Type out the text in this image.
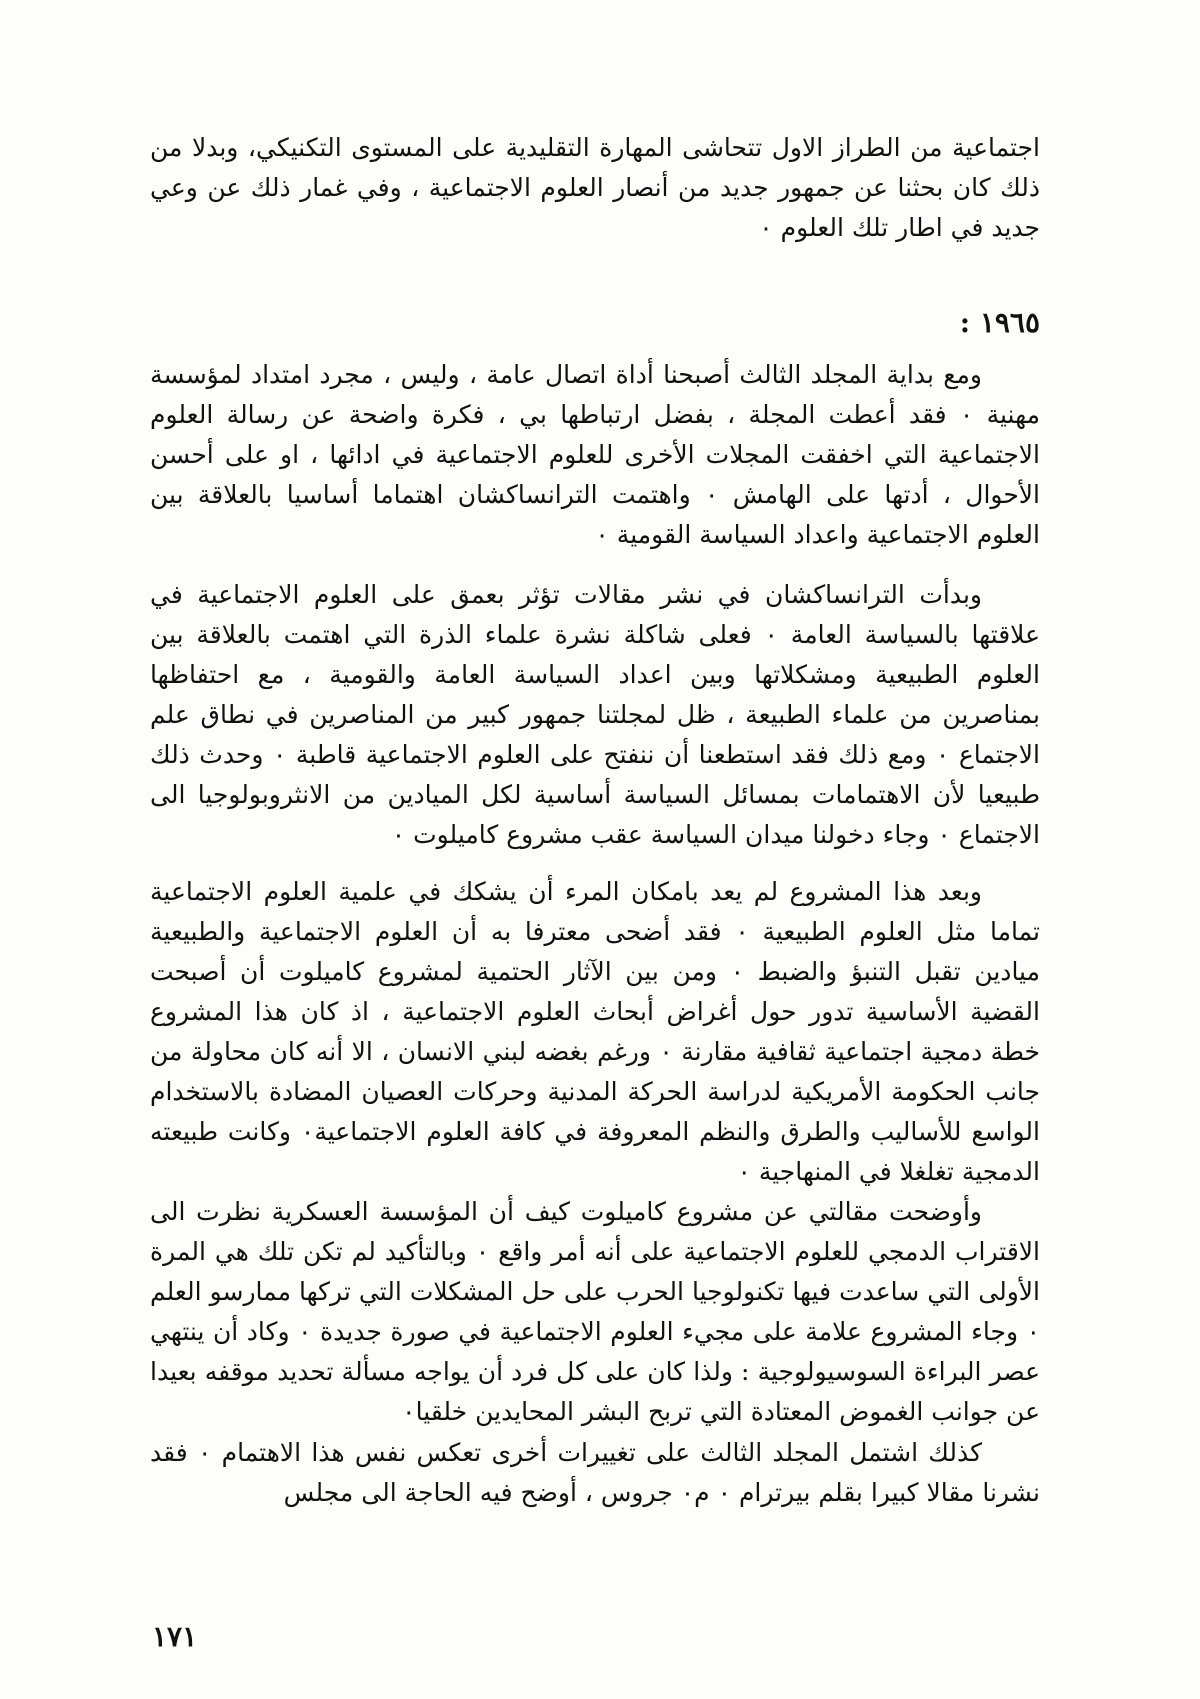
اجتماعية من الطراز الاول تتحاشى المهارة التقليدية على المستوى التكنيكي، وبدلا من ذلك كان بحثنا عن جمهور جديد من أنصار العلوم الاجتماعية ، وفي غمار ذلك عن وعي جديد في اطار تلك العلوم ٠

١٩٦٥ :

ومع بداية المجلد الثالث أصبحنا أداة اتصال عامة ، وليس ، مجرد امتداد لمؤسسة مهنية ٠ فقد أعطت المجلة ، بفضل ارتباطها بي ، فكرة واضحة عن رسالة العلوم الاجتماعية التي اخفقت المجلات الأخرى للعلوم الاجتماعية في ادائها ، او على أحسن الأحوال ، أدتها على الهامش ٠ واهتمت الترانساكشان اهتماما أساسيا بالعلاقة بين العلوم الاجتماعية واعداد السياسة القومية ٠

وبدأت الترانساكشان في نشر مقالات تؤثر بعمق على العلوم الاجتماعية في علاقتها بالسياسة العامة ٠ فعلى شاكلة نشرة علماء الذرة التي اهتمت بالعلاقة بين العلوم الطبيعية ومشكلاتها وبين اعداد السياسة العامة والقومية ، مع احتفاظها بمناصرين من علماء الطبيعة ، ظل لمجلتنا جمهور كبير من المناصرين في نطاق علم الاجتماع ٠ ومع ذلك فقد استطعنا أن ننفتح على العلوم الاجتماعية قاطبة ٠ وحدث ذلك طبيعيا لأن الاهتمامات بمسائل السياسة أساسية لكل الميادين من الانثروبولوجيا الى الاجتماع ٠ وجاء دخولنا ميدان السياسة عقب مشروع كاميلوت ٠

وبعد هذا المشروع لم يعد بامكان المرء أن يشكك في علمية العلوم الاجتماعية تماما مثل العلوم الطبيعية ٠ فقد أضحى معترفا به أن العلوم الاجتماعية والطبيعية ميادين تقبل التنبؤ والضبط ٠ ومن بين الآثار الحتمية لمشروع كاميلوت أن أصبحت القضية الأساسية تدور حول أغراض أبحاث العلوم الاجتماعية ، اذ كان هذا المشروع خطة دمجية اجتماعية ثقافية مقارنة ٠ ورغم بغضه لبني الانسان ، الا أنه كان محاولة من جانب الحكومة الأمريكية لدراسة الحركة المدنية وحركات العصيان المضادة بالاستخدام الواسع للأساليب والطرق والنظم المعروفة في كافة العلوم الاجتماعية٠ وكانت طبيعته الدمجية تغلغلا في المنهاجية ٠

وأوضحت مقالتي عن مشروع كاميلوت كيف أن المؤسسة العسكرية نظرت الى الاقتراب الدمجي للعلوم الاجتماعية على أنه أمر واقع ٠ وبالتأكيد لم تكن تلك هي المرة الأولى التي ساعدت فيها تكنولوجيا الحرب على حل المشكلات التي تركها ممارسو العلم ٠ وجاء المشروع علامة على مجيء العلوم الاجتماعية في صورة جديدة ٠ وكاد أن ينتهي عصر البراءة السوسيولوجية : ولذا كان على كل فرد أن يواجه مسألة تحديد موقفه بعيدا عن جوانب الغموض المعتادة التي تربح البشر المحايدين خلقيا٠

كذلك اشتمل المجلد الثالث على تغييرات أخرى تعكس نفس هذا الاهتمام ٠ فقد نشرنا مقالا كبيرا بقلم بيرترام ٠ م٠ جروس ، أوضح فيه الحاجة الى مجلس

١٧١
